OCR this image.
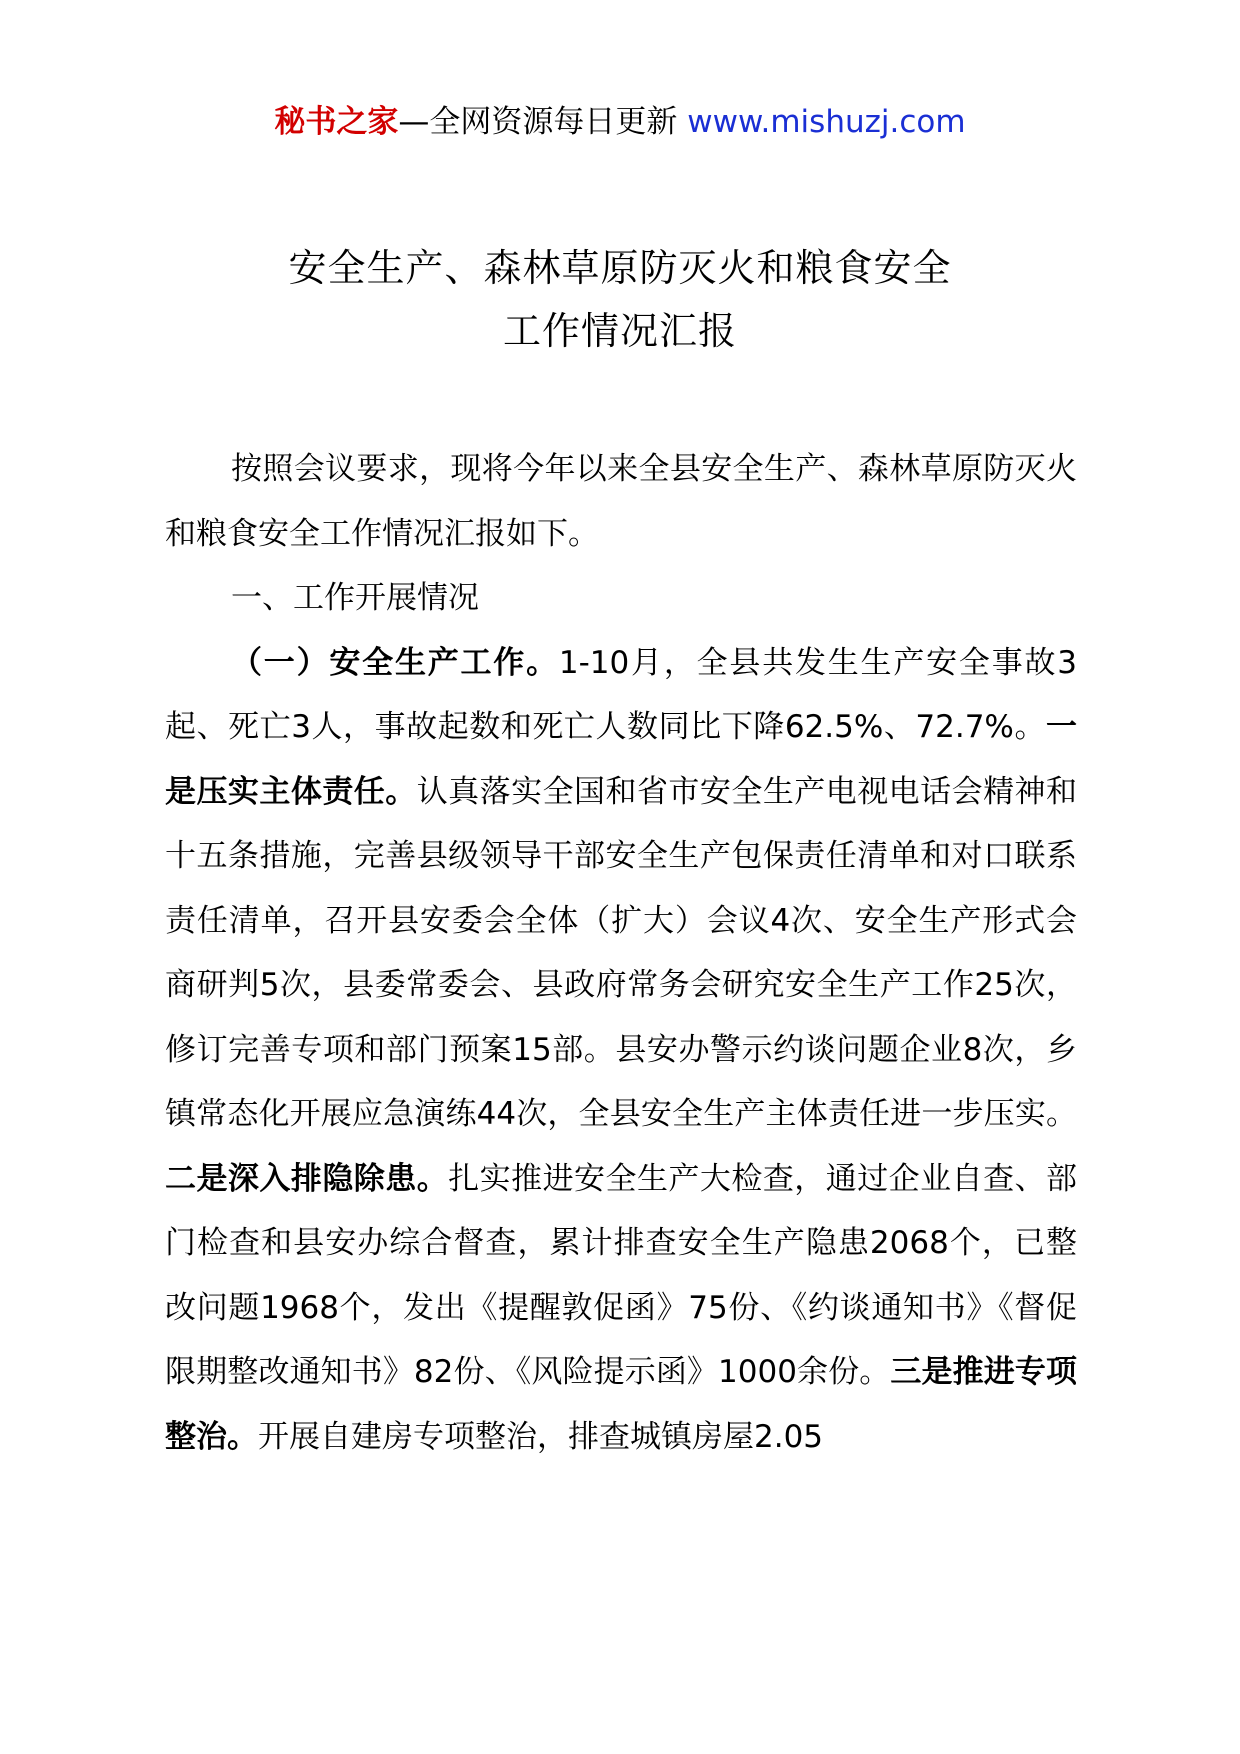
秘书之家—全网资源每日更新 www.mishuzj.com
安全生产、森林草原防灭火和粮食安全
工作情况汇报

按照会议要求，现将今年以来全县安全生产、森林草原防灭火和粮食安全工作情况汇报如下。

一、工作开展情况

（一）安全生产工作。1-10月，全县共发生生产安全事故3起、死亡3人，事故起数和死亡人数同比下降62.5%、72.7%。一是压实主体责任。认真落实全国和省市安全生产电视电话会精神和十五条措施，完善县级领导干部安全生产包保责任清单和对口联系责任清单，召开县安委会全体（扩大）会议4次、安全生产形式会商研判5次，县委常委会、县政府常务会研究安全生产工作25次，修订完善专项和部门预案15部。县安办警示约谈问题企业8次，乡镇常态化开展应急演练44次，全县安全生产主体责任进一步压实。二是深入排隐除患。扎实推进安全生产大检查，通过企业自查、部门检查和县安办综合督查，累计排查安全生产隐患2068个，已整改问题1968个，发出《提醒敦促函》75份、《约谈通知书》《督促限期整改通知书》82份、《风险提示函》1000余份。三是推进专项整治。开展自建房专项整治，排查城镇房屋2.05
